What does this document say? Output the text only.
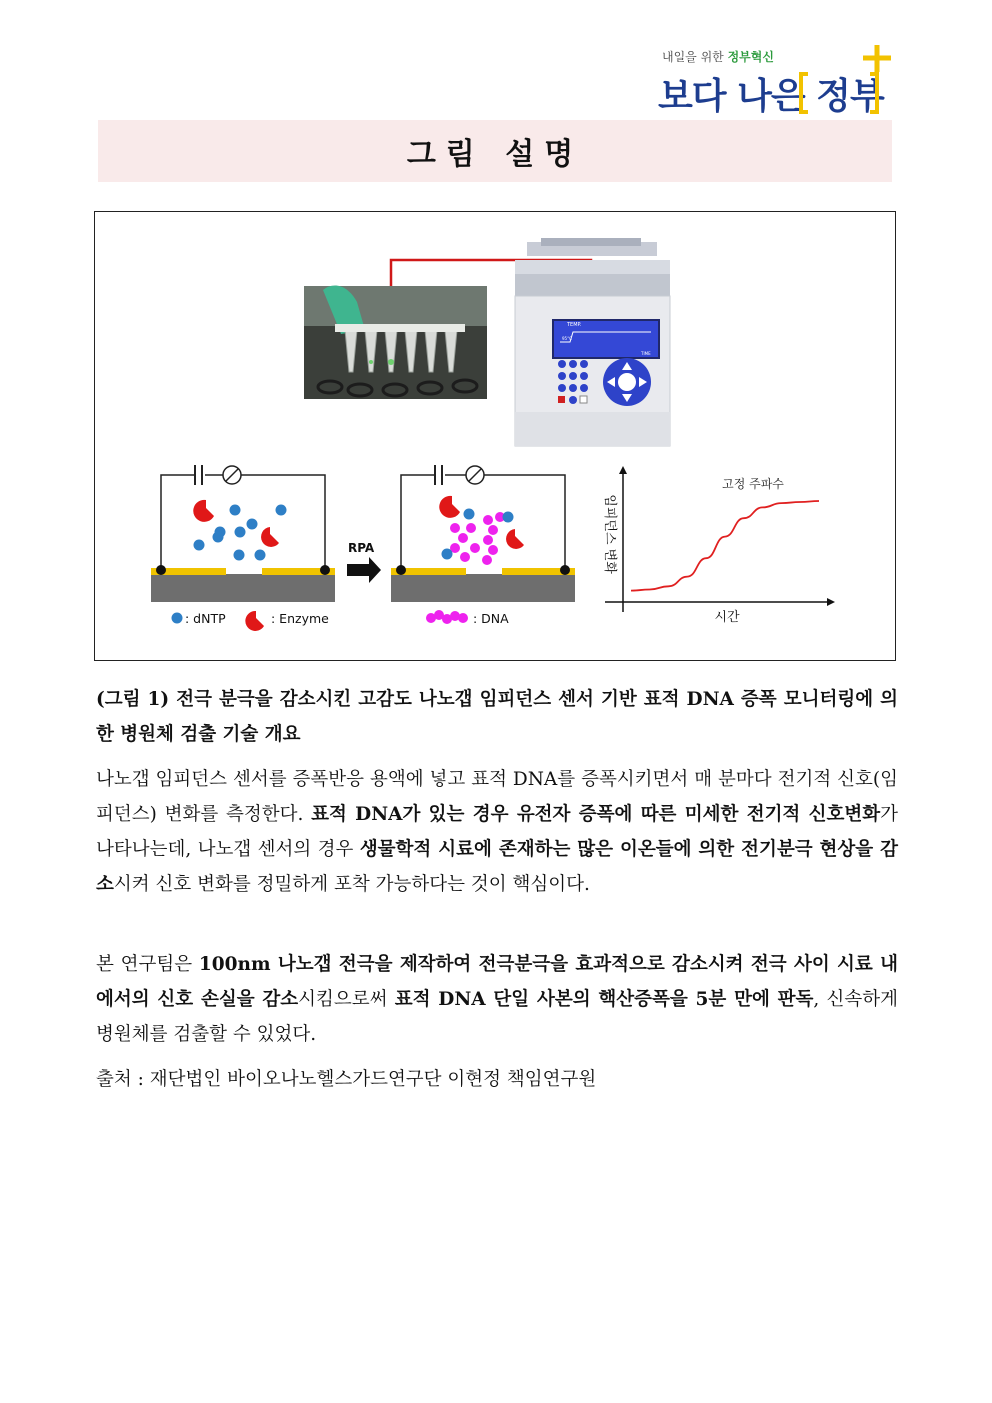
내일을 위한 정부혁신
보다 나은 정부
그림 설명
TEMP.
95°C
TIME
RPA
: dNTP	: Enzyme	: DNA	시간
임피던스 변화
고정 주파수
(그림 1) 전극 분극을 감소시킨 고감도 나노갭 임피던스 센서 기반 표적 DNA 증폭 모니터링에 의한 병원체 검출 기술 개요
나노갭 임피던스 센서를 증폭반응 용액에 넣고 표적 DNA를 증폭시키면서 매 분마다 전기적 신호(임피던스) 변화를 측정한다. 표적 DNA가 있는 경우 유전자 증폭에 따른 미세한 전기적 신호변화가 나타나는데, 나노갭 센서의 경우 생물학적 시료에 존재하는 많은 이온들에 의한 전기분극 현상을 감소시켜 신호 변화를 정밀하게 포착 가능하다는 것이 핵심이다.
본 연구팀은 100nm 나노갭 전극을 제작하여 전극분극을 효과적으로 감소시켜 전극 사이 시료 내에서의 신호 손실을 감소시킴으로써 표적 DNA 단일 사본의 핵산증폭을 5분 만에 판독, 신속하게 병원체를 검출할 수 있었다.
출처 : 재단법인 바이오나노헬스가드연구단 이현정 책임연구원
